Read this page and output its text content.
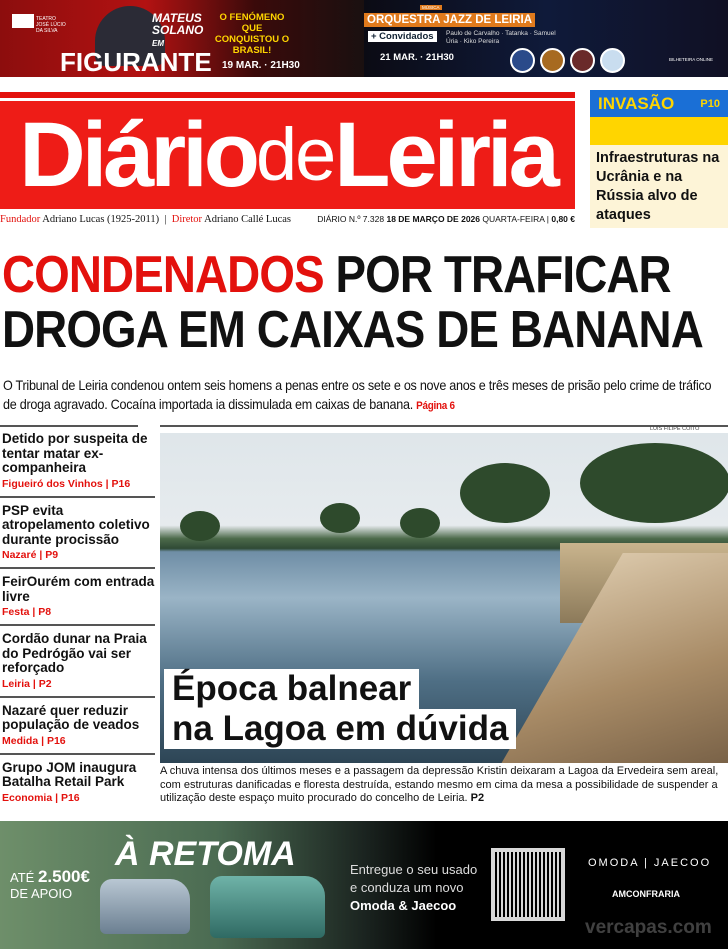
TEATRO JOSÉ LÚCIO DA SILVA
MATEUS SOLANO EM
O FENÓMENO QUE CONQUISTOU O BRASIL!
FIGURANTE 19 MAR. · 21H30
MÚSICA
ORQUESTRA JAZZ DE LEIRIA
+ Convidados	Paulo de Carvalho · Tatanka · Samuel Úria · Kiko Pereira
21 MAR. · 21H30	BILHETEIRA ONLINE
Diário de Leiria
INVASÃO P10
Infraestruturas na Ucrânia e na Rússia alvo de ataques
Fundador Adriano Lucas (1925-2011)  |  Diretor Adriano Callé Lucas	DIÁRIO N.º 7.328 18 DE MARÇO DE 2026 QUARTA-FEIRA | 0,80 €
CONDENADOS POR TRAFICAR
DROGA EM CAIXAS DE BANANA
O Tribunal de Leiria condenou ontem seis homens a penas entre os sete e os nove anos e três meses de prisão pelo crime de tráfico de droga agravado. Cocaína importada ia dissimulada em caixas de banana. Página 6
Detido por suspeita de tentar matar ex-companheira
Figueiró dos Vinhos | P16
PSP evita atropelamento coletivo durante procissão
Nazaré | P9
FeirOurém com entrada livre
Festa | P8
Cordão dunar na Praia do Pedrógão vai ser reforçado
Leiria | P2
Nazaré quer reduzir população de veados
Medida | P16
Grupo JOM inaugura Batalha Retail Park
Economia | P16
LUÍS FILIPE COITO
Época balnear
na Lagoa em dúvida
A chuva intensa dos últimos meses e a passagem da depressão Kristin deixaram a Lagoa da Ervedeira sem areal, com estruturas danificadas e floresta destruída, estando mesmo em cima da mesa a possibilidade de suspender a utilização deste espaço muito procurado do concelho de Leiria. P2
ATÉ 2.500€
DE APOIO
À RETOMA	Entregue o seu usado
e conduza um novo
Omoda & Jaecoo
OMODA | JAECOO
AMCONFRARIA
vercapas.com
